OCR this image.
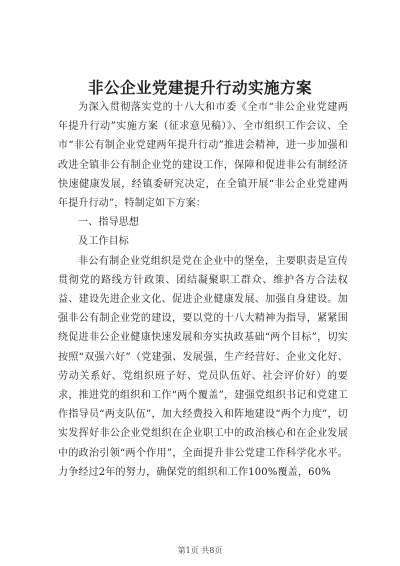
非公企业党建提升行动实施方案

为深入贯彻落实党的十八大和市委《全市“非公企业党建两年提升行动”实施方案（征求意见稿）》、全市组织工作会议、全市“非公有制企业党建两年提升行动”推进会精神，进一步加强和改进全镇非公有制企业党的建设工作，保障和促进非公有制经济快速健康发展，经镇委研究决定，在全镇开展“非公企业党建两年提升行动”，特制定如下方案：

一、指导思想

及工作目标

非公有制企业党组织是党在企业中的堡垒，主要职责是宣传贯彻党的路线方针政策、团结凝聚职工群众、维护各方合法权益、建设先进企业文化、促进企业健康发展、加强自身建设。加强非公有制企业党的建设，要以党的十八大精神为指导，紧紧围绕促进非公企业健康快速发展和夯实执政基础“两个目标”，切实按照“双强六好”（党建强、发展强，生产经营好、企业文化好、劳动关系好、党组织班子好、党员队伍好、社会评价好）的要求，推进党的组织和工作“两个覆盖”，建强党组织书记和党建工作指导员“两支队伍”，加大经费投入和阵地建设“两个力度”，切实发挥好非公企业党组织在企业职工中的政治核心和在企业发展中的政治引领“两个作用”，全面提升非公党建工作科学化水平。力争经过2年的努力，确保党的组织和工作100%覆盖，60%

第1页 共8页
